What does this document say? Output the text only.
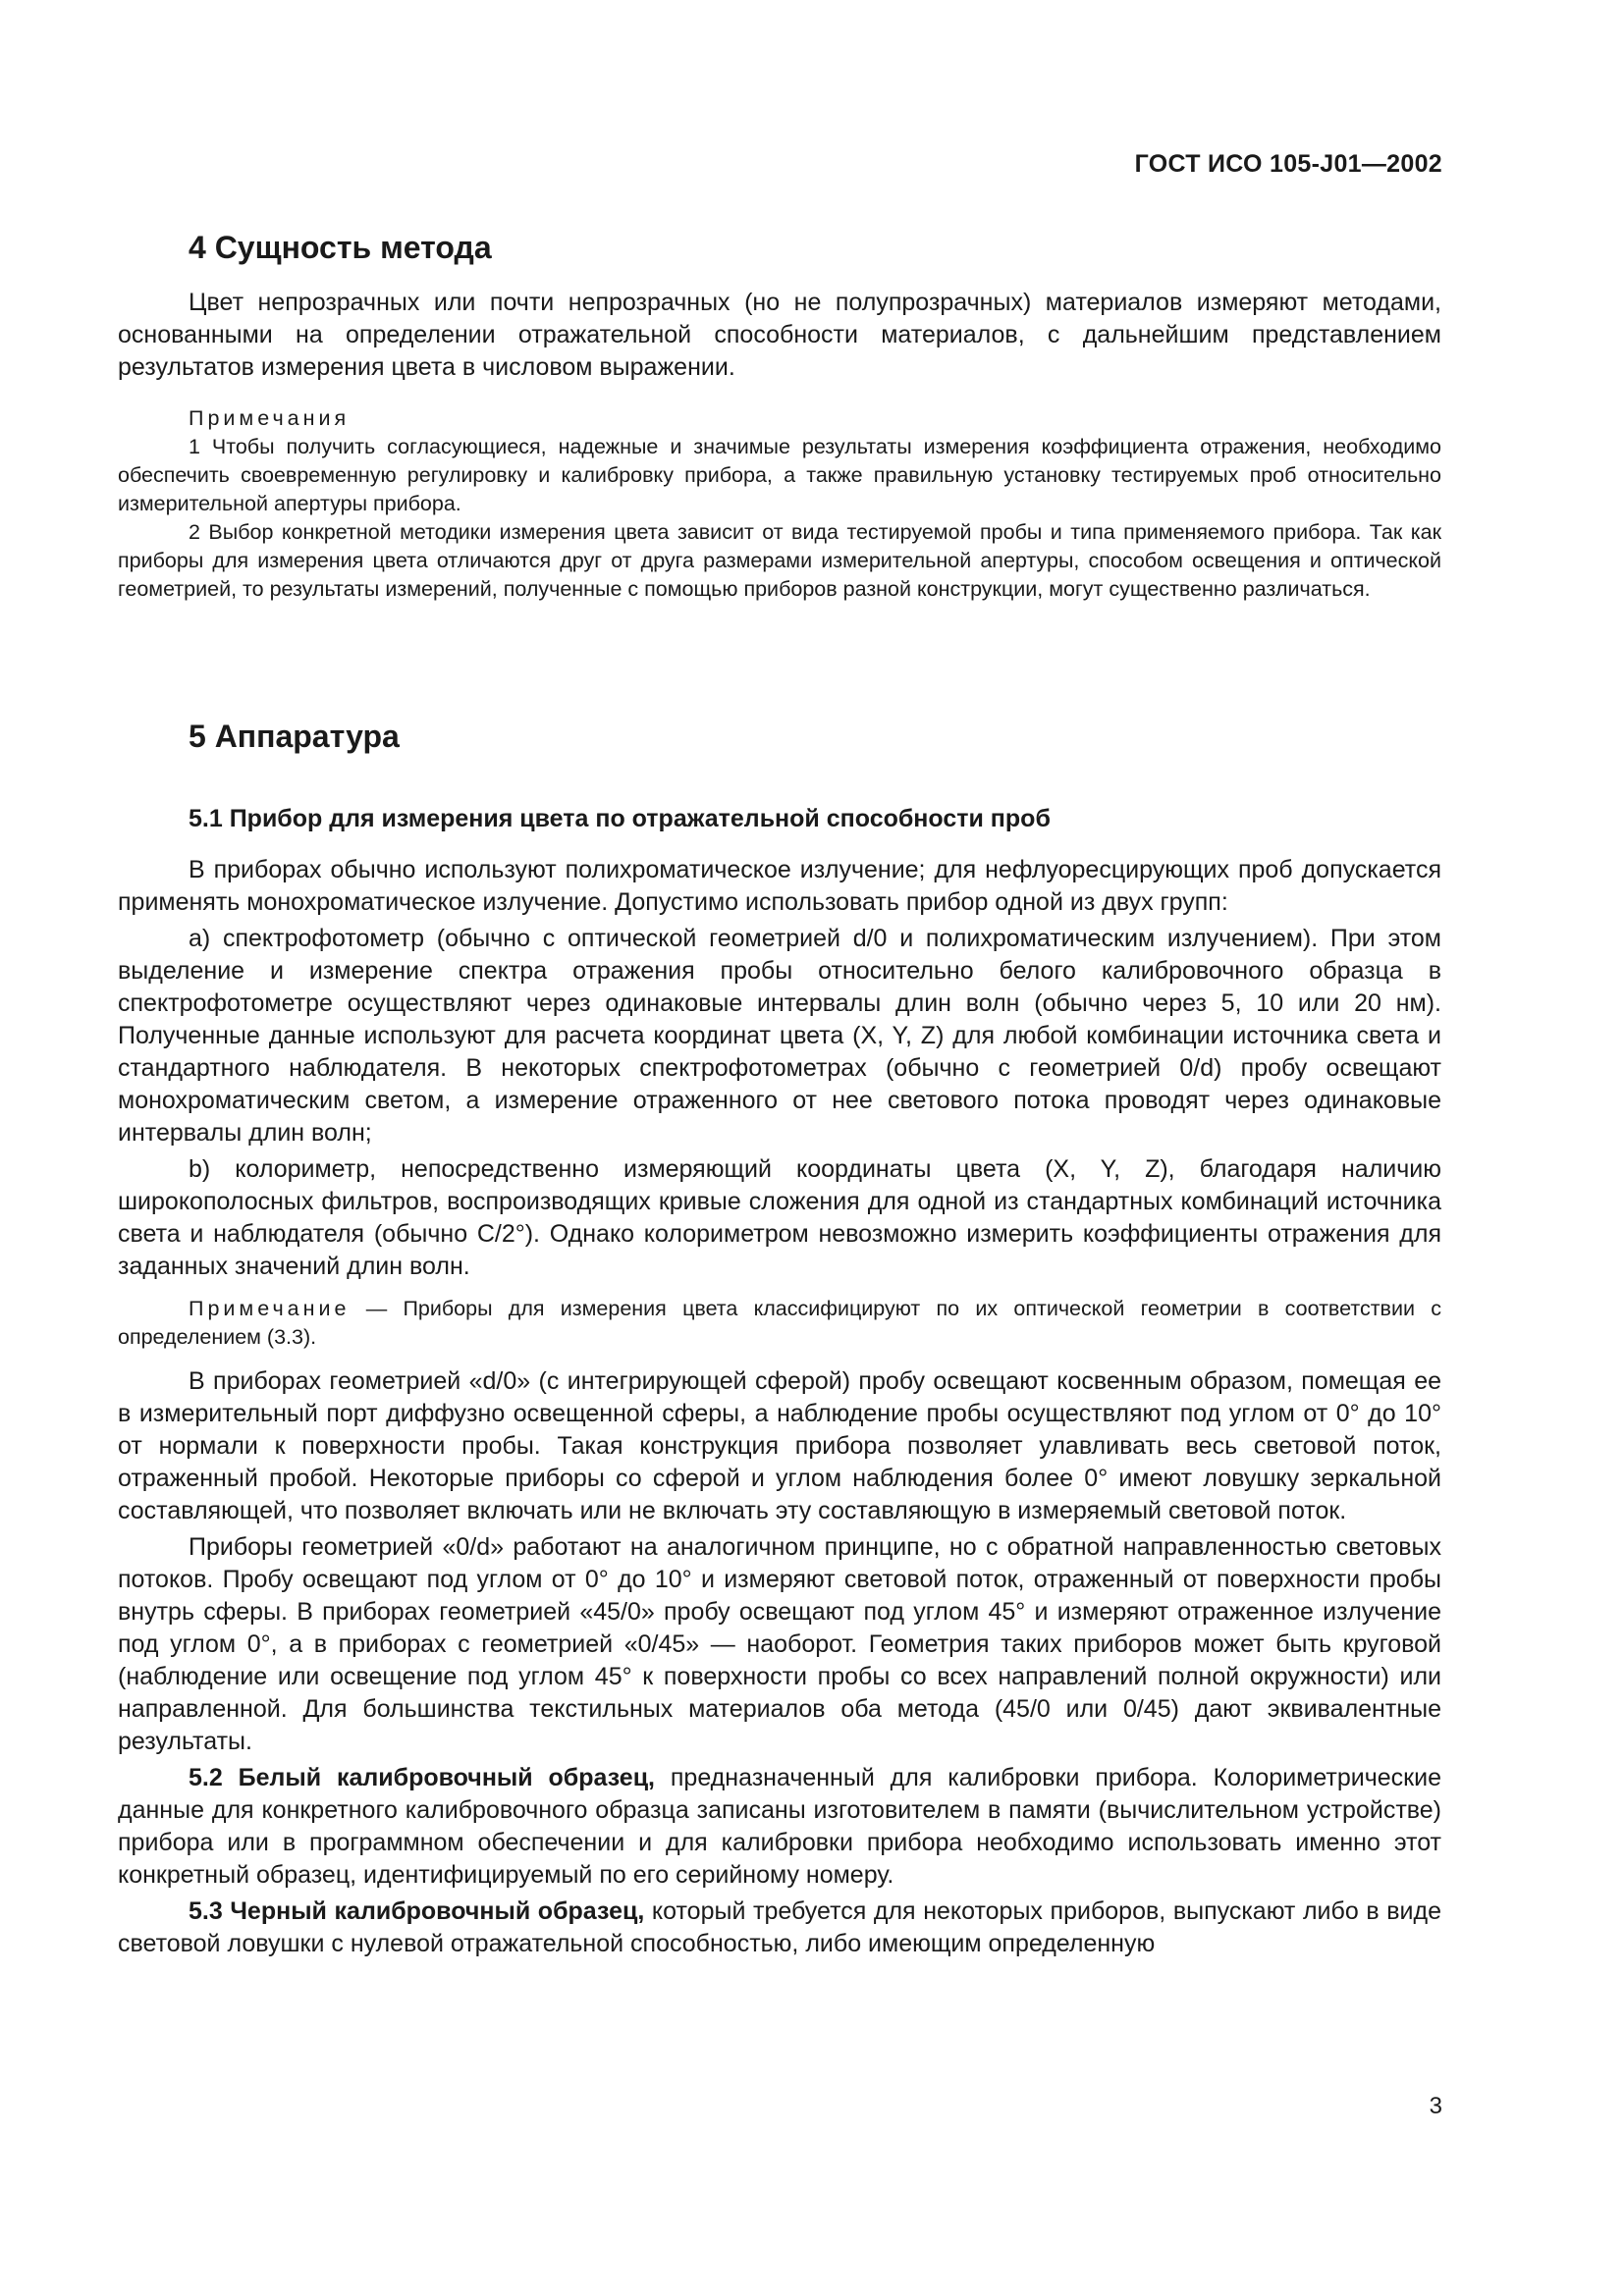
ГОСТ ИСО 105-J01—2002
4 Сущность метода

Цвет непрозрачных или почти непрозрачных (но не полупрозрачных) материалов измеряют методами, основанными на определении отражательной способности материалов, с дальнейшим представлением результатов измерения цвета в числовом выражении.

Примечания

1 Чтобы получить согласующиеся, надежные и значимые результаты измерения коэффициента отражения, необходимо обеспечить своевременную регулировку и калибровку прибора, а также правильную установку тестируемых проб относительно измерительной апертуры прибора.

2 Выбор конкретной методики измерения цвета зависит от вида тестируемой пробы и типа применяемого прибора. Так как приборы для измерения цвета отличаются друг от друга размерами измерительной апертуры, способом освещения и оптической геометрией, то результаты измерений, полученные с помощью приборов разной конструкции, могут существенно различаться.

5 Аппаратура
5.1 Прибор для измерения цвета по отражательной способности проб

В приборах обычно используют полихроматическое излучение; для нефлуоресцирующих проб допускается применять монохроматическое излучение. Допустимо использовать прибор одной из двух групп:

a) спектрофотометр (обычно с оптической геометрией d/0 и полихроматическим излучением). При этом выделение и измерение спектра отражения пробы относительно белого калибровочного образца в спектрофотометре осуществляют через одинаковые интервалы длин волн (обычно через 5, 10 или 20 нм). Полученные данные используют для расчета координат цвета (X, Y, Z) для любой комбинации источника света и стандартного наблюдателя. В некоторых спектрофотометрах (обычно с геометрией 0/d) пробу освещают монохроматическим светом, а измерение отраженного от нее светового потока проводят через одинаковые интервалы длин волн;

b) колориметр, непосредственно измеряющий координаты цвета (X, Y, Z), благодаря наличию широкополосных фильтров, воспроизводящих кривые сложения для одной из стандартных комбинаций источника света и наблюдателя (обычно C/2°). Однако колориметром невозможно измерить коэффициенты отражения для заданных значений длин волн.

Примечание — Приборы для измерения цвета классифицируют по их оптической геометрии в соответствии с определением (3.3).

В приборах геометрией «d/0» (с интегрирующей сферой) пробу освещают косвенным образом, помещая ее в измерительный порт диффузно освещенной сферы, а наблюдение пробы осуществляют под углом от 0° до 10° от нормали к поверхности пробы. Такая конструкция прибора позволяет улавливать весь световой поток, отраженный пробой. Некоторые приборы со сферой и углом наблюдения более 0° имеют ловушку зеркальной составляющей, что позволяет включать или не включать эту составляющую в измеряемый световой поток.

Приборы геометрией «0/d» работают на аналогичном принципе, но с обратной направленностью световых потоков. Пробу освещают под углом от 0° до 10° и измеряют световой поток, отраженный от поверхности пробы внутрь сферы. В приборах геометрией «45/0» пробу освещают под углом 45° и измеряют отраженное излучение под углом 0°, а в приборах с геометрией «0/45» — наоборот. Геометрия таких приборов может быть круговой (наблюдение или освещение под углом 45° к поверхности пробы со всех направлений полной окружности) или направленной. Для большинства текстильных материалов оба метода (45/0 или 0/45) дают эквивалентные результаты.

5.2 Белый калибровочный образец, предназначенный для калибровки прибора. Колориметрические данные для конкретного калибровочного образца записаны изготовителем в памяти (вычислительном устройстве) прибора или в программном обеспечении и для калибровки прибора необходимо использовать именно этот конкретный образец, идентифицируемый по его серийному номеру.

5.3 Черный калибровочный образец, который требуется для некоторых приборов, выпускают либо в виде световой ловушки с нулевой отражательной способностью, либо имеющим определенную

3
